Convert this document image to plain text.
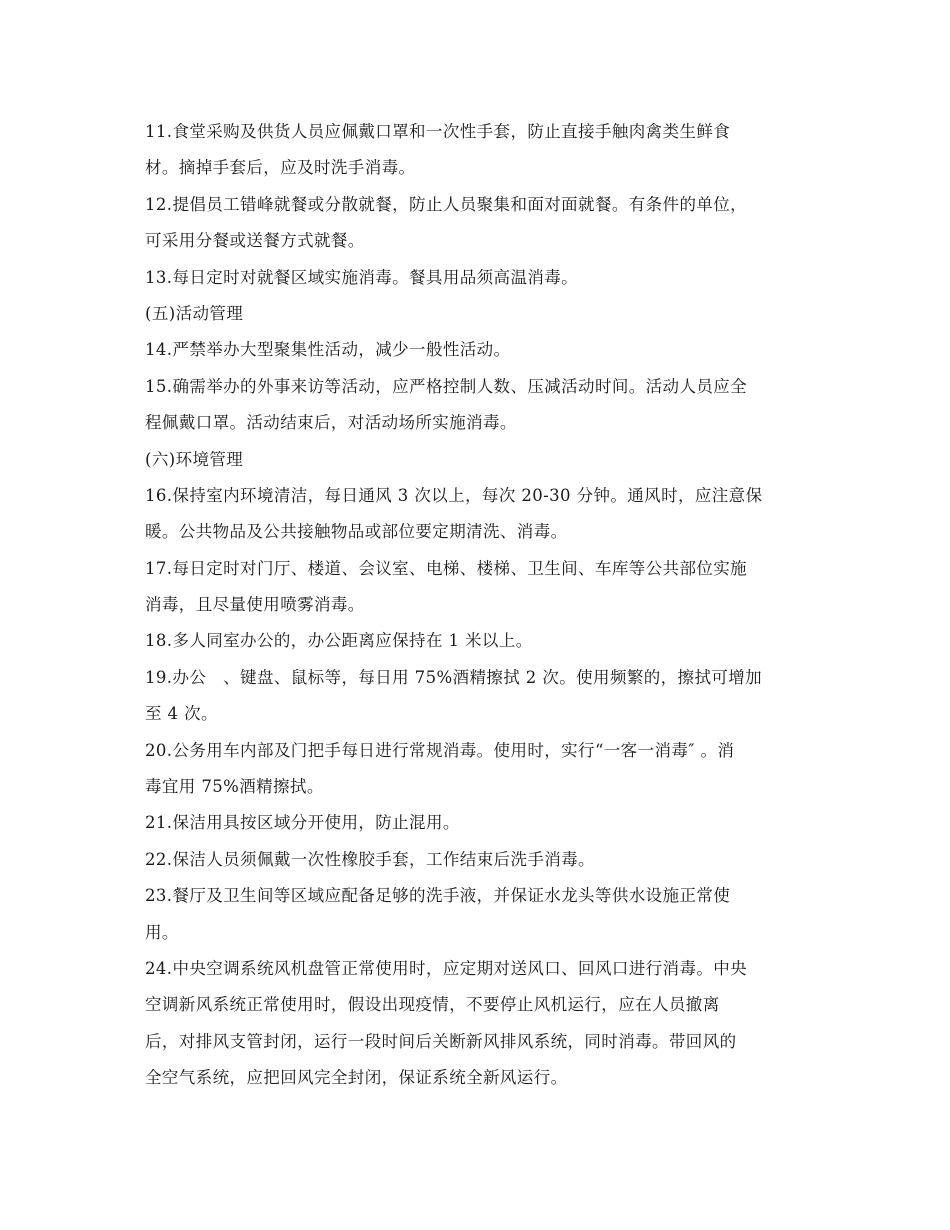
11.食堂采购及供货人员应佩戴口罩和一次性手套，防止直接手触肉禽类生鲜食
材。摘掉手套后，应及时洗手消毒。
12.提倡员工错峰就餐或分散就餐，防止人员聚集和面对面就餐。有条件的单位，
可采用分餐或送餐方式就餐。
13.每日定时对就餐区域实施消毒。餐具用品须高温消毒。
(五)活动管理
14.严禁举办大型聚集性活动，减少一般性活动。
15.确需举办的外事来访等活动，应严格控制人数、压减活动时间。活动人员应全
程佩戴口罩。活动结束后，对活动场所实施消毒。
(六)环境管理
16.保持室内环境清洁，每日通风 3 次以上，每次 20-30 分钟。通风时，应注意保
暖。公共物品及公共接触物品或部位要定期清洗、消毒。
17.每日定时对门厅、楼道、会议室、电梯、楼梯、卫生间、车库等公共部位实施
消毒，且尽量使用喷雾消毒。
18.多人同室办公的，办公距离应保持在 1 米以上。
19.办公　、键盘、鼠标等，每日用 75%酒精擦拭 2 次。使用频繁的，擦拭可增加
至 4 次。
20.公务用车内部及门把手每日进行常规消毒。使用时，实行“一客一消毒″ 。消
毒宜用 75%酒精擦拭。
21.保洁用具按区域分开使用，防止混用。
22.保洁人员须佩戴一次性橡胶手套，工作结束后洗手消毒。
23.餐厅及卫生间等区域应配备足够的洗手液，并保证水龙头等供水设施正常使
用。
24.中央空调系统风机盘管正常使用时，应定期对送风口、回风口进行消毒。中央
空调新风系统正常使用时，假设出现疫情，不要停止风机运行，应在人员撤离
后，对排风支管封闭，运行一段时间后关断新风排风系统，同时消毒。带回风的
全空气系统，应把回风完全封闭，保证系统全新风运行。
